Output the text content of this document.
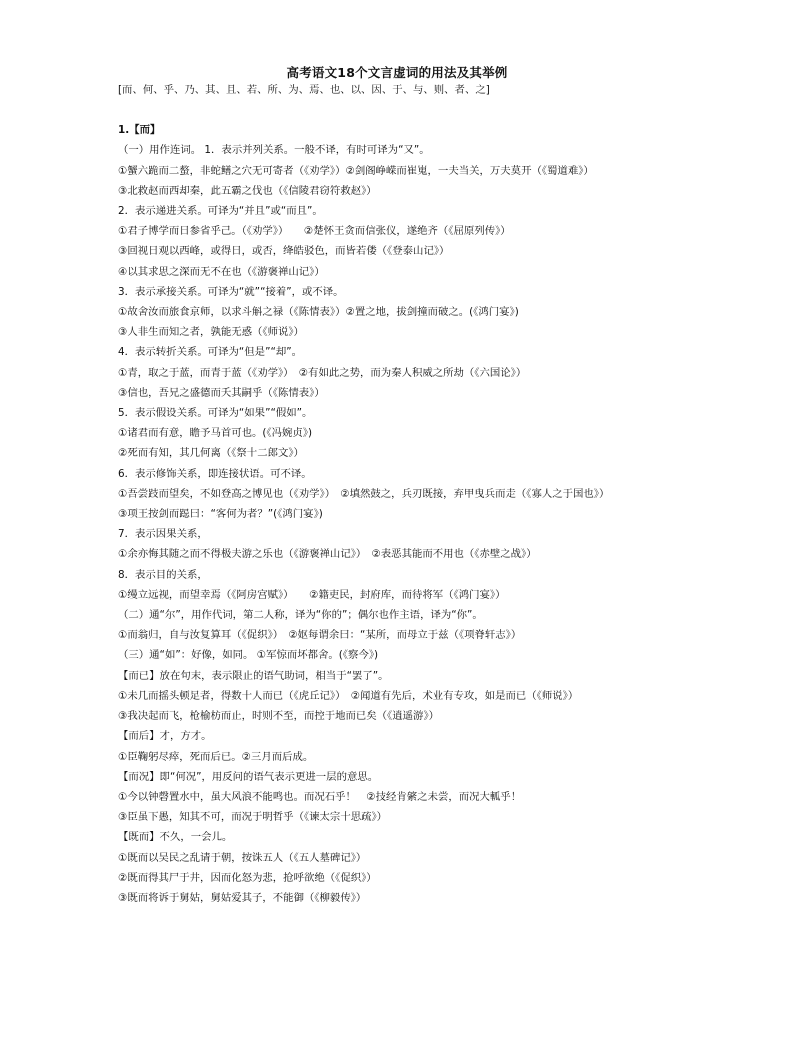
高考语文18个文言虚词的用法及其举例
[而、何、乎、乃、其、且、若、所、为、焉、也、以、因、于、与、则、者、之]
1.【而】
（一）用作连词。 1．表示并列关系。一般不译，有时可译为“又”。
①蟹六跪而二螯，非蛇鳝之穴无可寄者（《劝学》）②剑阁峥嵘而崔嵬，一夫当关，万夫莫开（《蜀道难》）
③北救赵而西却秦，此五霸之伐也（《信陵君窃符救赵》）
2．表示递进关系。可译为“并且”或“而且”。
①君子博学而日参省乎己。（《劝学》）　　②楚怀王贪而信张仪，遂绝齐（《屈原列传》）
③回视日观以西峰，或得日，或否，绛皓驳色，而皆若偻（《登泰山记》）
④以其求思之深而无不在也（《游褒禅山记》）
3．表示承接关系。可译为“就”“接着”，或不译。
①故舍汝而旅食京师，以求斗斛之禄（《陈情表》）②置之地，拔剑撞而破之。(《鸿门宴》)
③人非生而知之者，孰能无惑（《师说》）
4．表示转折关系。可译为“但是”“却”。
①青，取之于蓝，而青于蓝（《劝学》）　②有如此之势，而为秦人积威之所劫（《六国论》）
③信也，吾兄之盛德而夭其嗣乎（《陈情表》）
5．表示假设关系。可译为“如果”“假如”。
①诸君而有意，瞻予马首可也。(《冯婉贞》)
②死而有知，其几何离（《祭十二郎文》）
6．表示修饰关系，即连接状语。可不译。
①吾尝跂而望矣，不如登高之博见也（《劝学》）　②填然鼓之，兵刃既接，弃甲曳兵而走（《寡人之于国也》）
③项王按剑而跽曰：“客何为者？”(《鸿门宴》)
7．表示因果关系，
①余亦悔其随之而不得极夫游之乐也（《游褒禅山记》）　②表恶其能而不用也（《赤壁之战》）
8．表示目的关系，
①缦立远视，而望幸焉（《阿房宫赋》）　　②籍吏民，封府库，而待将军（《鸿门宴》）
（二）通“尔”，用作代词，第二人称，译为“你的”；偶尔也作主语，译为“你”。
①而翁归，自与汝复算耳（《促织》）　②妪每谓余曰：“某所，而母立于兹（《项脊轩志》）
（三）通“如”：好像，如同。 ①军惊而坏都舍。(《察今》)
【而已】放在句末，表示限止的语气助词，相当于“罢了”。
①未几而摇头顿足者，得数十人而已（《虎丘记》）　②闻道有先后，术业有专攻，如是而已（《师说》）
③我决起而飞，枪榆枋而止，时则不至，而控于地而已矣（《逍遥游》）
【而后】才，方才。
①臣鞠躬尽瘁，死而后已。②三月而后成。
【而况】即“何况”，用反问的语气表示更进一层的意思。
①今以钟磬置水中，虽大风浪不能鸣也。而况石乎！　②技经肯綮之未尝，而况大軱乎！
③臣虽下愚，知其不可，而况于明哲乎（《谏太宗十思疏》）
【既而】不久，一会儿。
①既而以吴民之乱请于朝，按诛五人（《五人墓碑记》）
②既而得其尸于井，因而化怒为悲，抢呼欲绝（《促织》）
③既而将诉于舅姑，舅姑爱其子，不能御（《柳毅传》）
